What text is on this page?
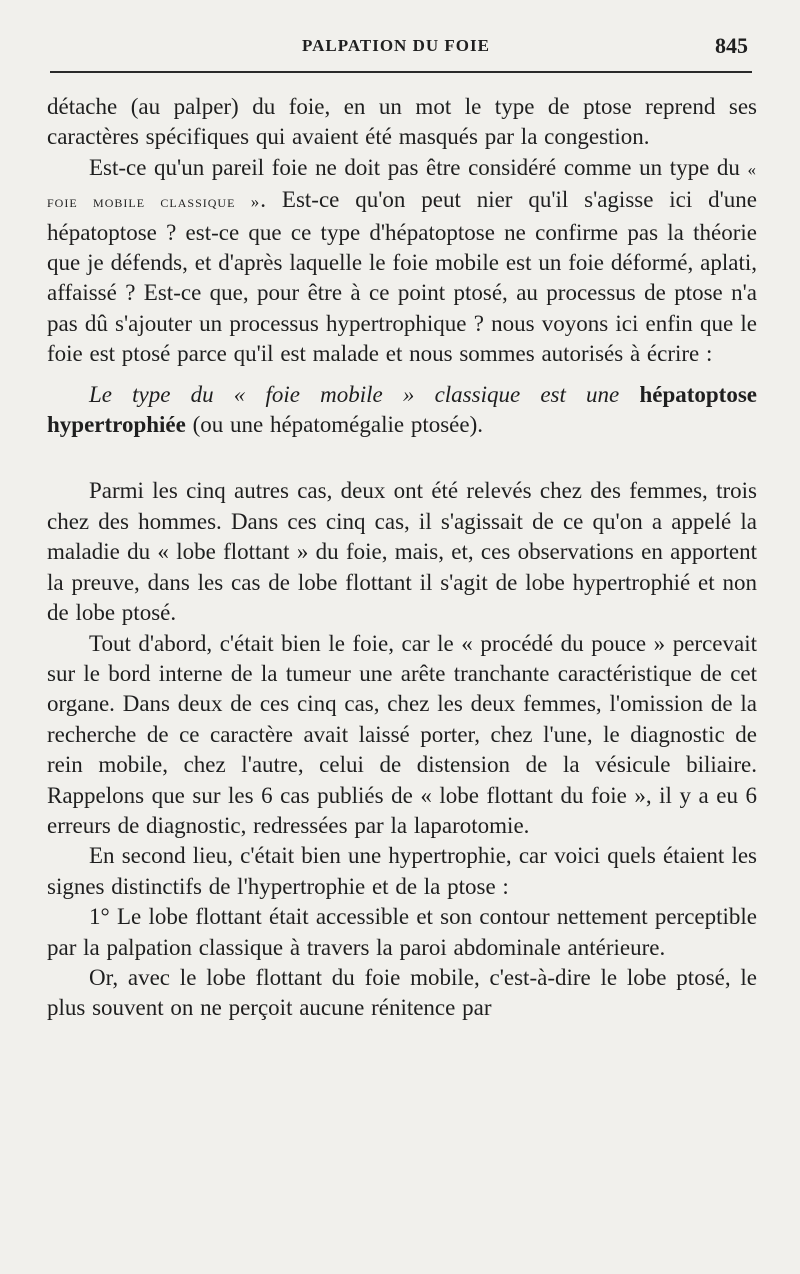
PALPATION DU FOIE	845

détache (au palper) du foie, en un mot le type de ptose reprend ses caractères spécifiques qui avaient été masqués par la congestion.

Est-ce qu'un pareil foie ne doit pas être considéré comme un type du « foie mobile classique ». Est-ce qu'on peut nier qu'il s'agisse ici d'une hépatoptose ? est-ce que ce type d'hépatoptose ne confirme pas la théorie que je défends, et d'après laquelle le foie mobile est un foie déformé, aplati, affaissé ? Est-ce que, pour être à ce point ptosé, au processus de ptose n'a pas dû s'ajouter un processus hypertrophique ? nous voyons ici enfin que le foie est ptosé parce qu'il est malade et nous sommes autorisés à écrire :

Le type du « foie mobile » classique est une hépatoptose hypertrophiée (ou une hépatomégalie ptosée).

Parmi les cinq autres cas, deux ont été relevés chez des femmes, trois chez des hommes. Dans ces cinq cas, il s'agissait de ce qu'on a appelé la maladie du « lobe flottant » du foie, mais, et, ces observations en apportent la preuve, dans les cas de lobe flottant il s'agit de lobe hypertrophié et non de lobe ptosé.

Tout d'abord, c'était bien le foie, car le « procédé du pouce » percevait sur le bord interne de la tumeur une arête tranchante caractéristique de cet organe. Dans deux de ces cinq cas, chez les deux femmes, l'omission de la recherche de ce caractère avait laissé porter, chez l'une, le diagnostic de rein mobile, chez l'autre, celui de distension de la vésicule biliaire. Rappelons que sur les 6 cas publiés de « lobe flottant du foie », il y a eu 6 erreurs de diagnostic, redressées par la laparotomie.

En second lieu, c'était bien une hypertrophie, car voici quels étaient les signes distinctifs de l'hypertrophie et de la ptose :

1° Le lobe flottant était accessible et son contour nettement perceptible par la palpation classique à travers la paroi abdominale antérieure.

Or, avec le lobe flottant du foie mobile, c'est-à-dire le lobe ptosé, le plus souvent on ne perçoit aucune rénitence par
